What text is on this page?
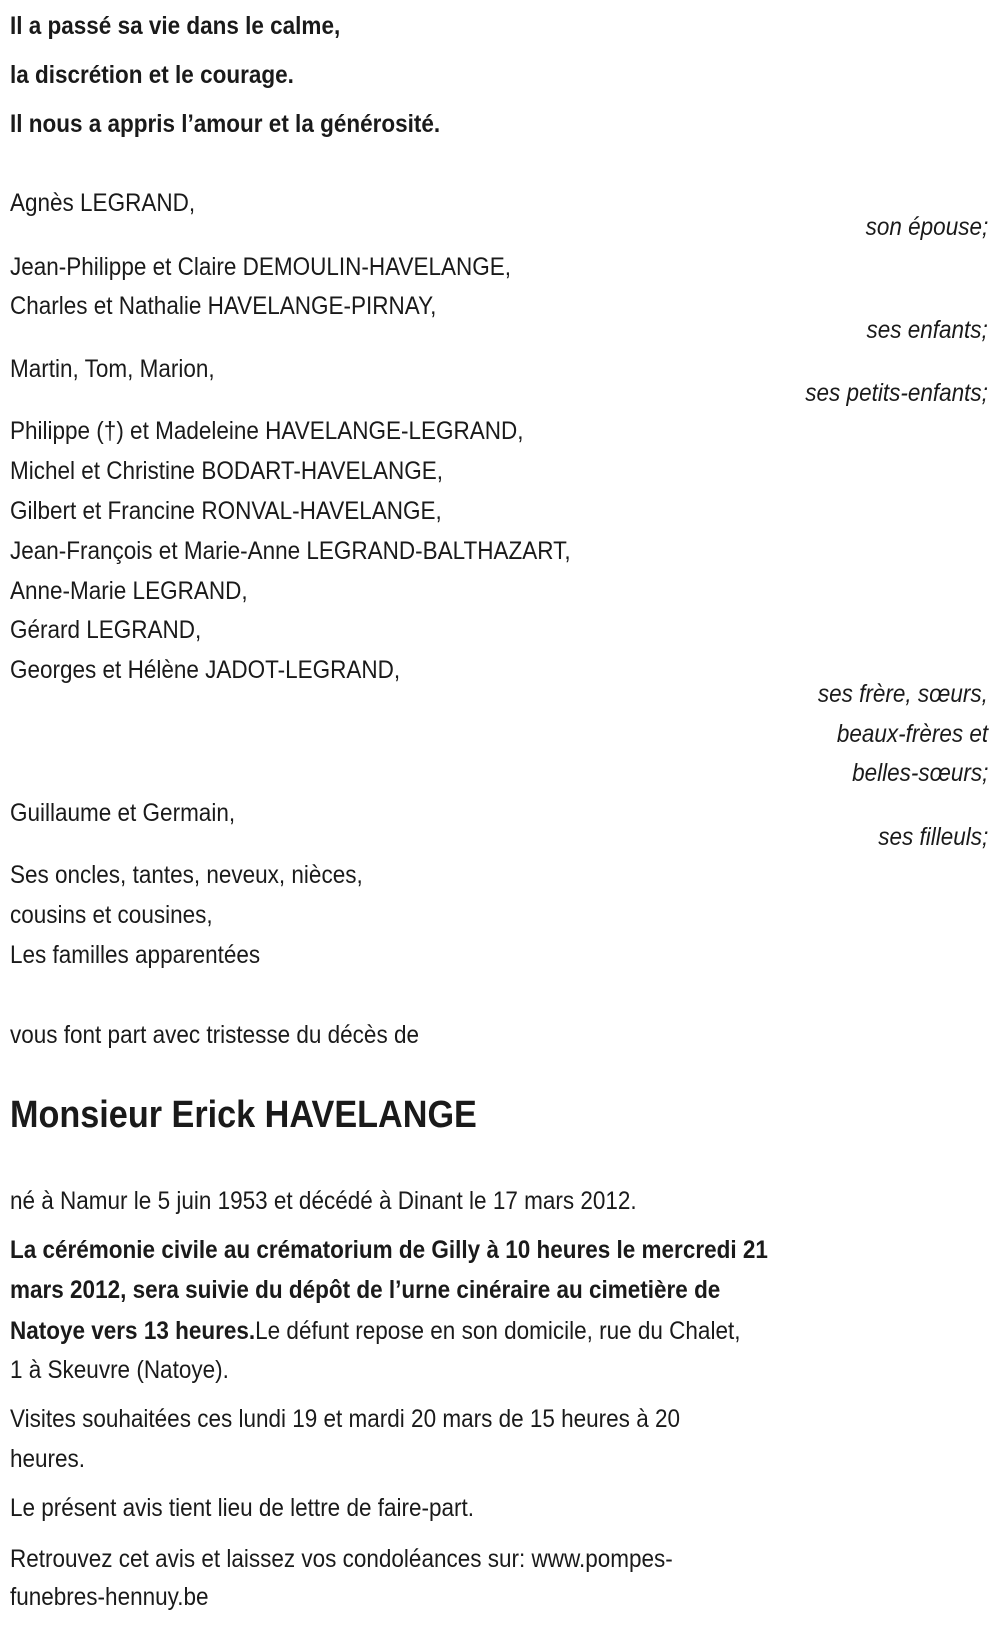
Il a passé sa vie dans le calme,
la discrétion et le courage.
Il nous a appris l’amour et la générosité.
Agnès LEGRAND,
son épouse;
Jean-Philippe et Claire DEMOULIN-HAVELANGE,
Charles et Nathalie HAVELANGE-PIRNAY,
ses enfants;
Martin, Tom, Marion,
ses petits-enfants;
Philippe (†) et Madeleine HAVELANGE-LEGRAND,
Michel et Christine BODART-HAVELANGE,
Gilbert et Francine RONVAL-HAVELANGE,
Jean-François et Marie-Anne LEGRAND-BALTHAZART,
Anne-Marie LEGRAND,
Gérard LEGRAND,
Georges et Hélène JADOT-LEGRAND,
ses frère, sœurs,
beaux-frères et
belles-sœurs;
Guillaume et Germain,
ses filleuls;
Ses oncles, tantes, neveux, nièces,
cousins et cousines,
Les familles apparentées
vous font part avec tristesse du décès de
Monsieur Erick HAVELANGE
né à Namur le 5 juin 1953 et décédé à Dinant le 17 mars 2012.
La cérémonie civile au crématorium de Gilly à 10 heures le mercredi 21
mars 2012, sera suivie du dépôt de l’urne cinéraire au cimetière de
Natoye vers 13 heures.Le défunt repose en son domicile, rue du Chalet,
1 à Skeuvre (Natoye).
Visites souhaitées ces lundi 19 et mardi 20 mars de 15 heures à 20
heures.
Le présent avis tient lieu de lettre de faire-part.
Retrouvez cet avis et laissez vos condoléances sur: www.pompes-
funebres-hennuy.be
